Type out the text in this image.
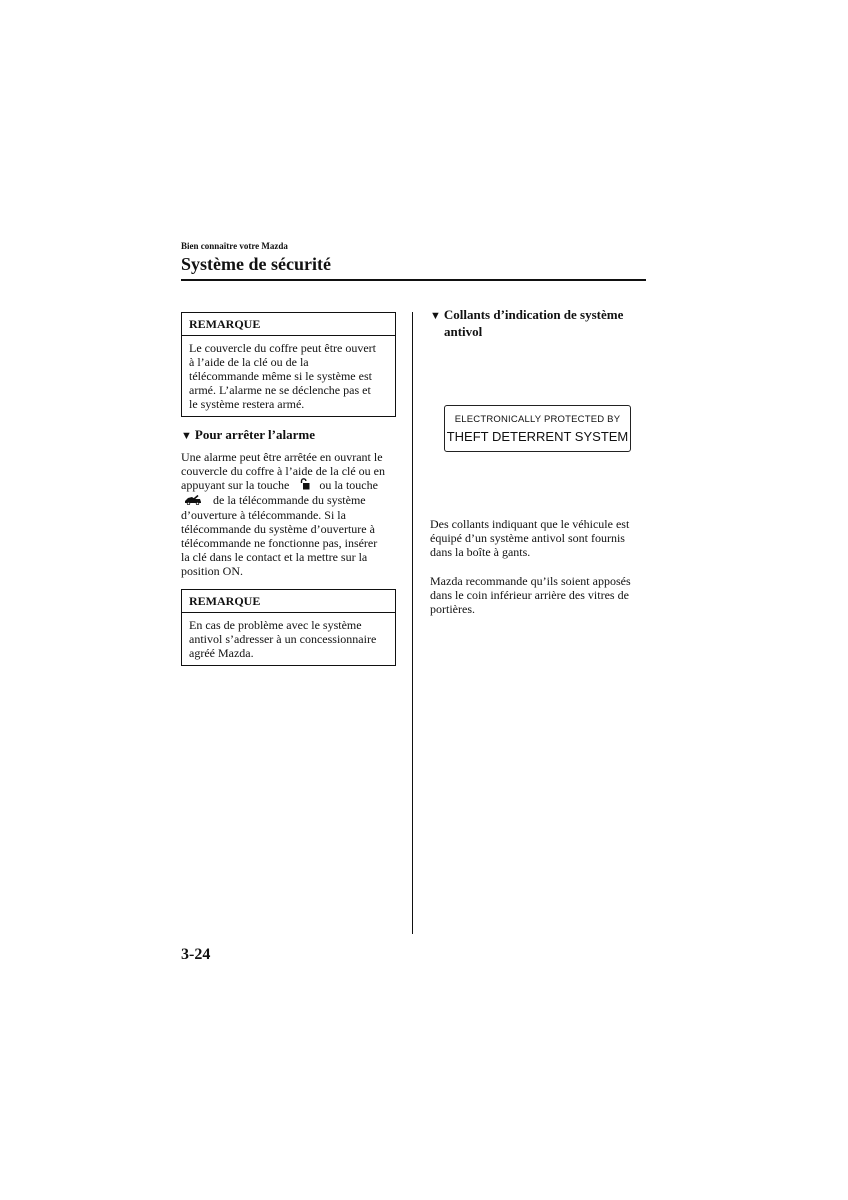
Bien connaître votre Mazda
Système de sécurité
REMARQUE
Le couvercle du coffre peut être ouvert
à l’aide de la clé ou de la
télécommande même si le système est
armé. L’alarme ne se déclenche pas et
le système restera armé.
▼ Pour arrêter l’alarme
Une alarme peut être arrêtée en ouvrant le
couvercle du coffre à l’aide de la clé ou en
appuyant sur la touche	ou la touche
de la télécommande du système
d’ouverture à télécommande. Si la
télécommande du système d’ouverture à
télécommande ne fonctionne pas, insérer
la clé dans le contact et la mettre sur la
position ON.
REMARQUE
En cas de problème avec le système
antivol s’adresser à un concessionnaire
agréé Mazda.
▼ Collants d’indication de système
antivol
ELECTRONICALLY PROTECTED BY
THEFT DETERRENT SYSTEM
Des collants indiquant que le véhicule est
équipé d’un système antivol sont fournis
dans la boîte à gants.
Mazda recommande qu’ils soient apposés
dans le coin inférieur arrière des vitres de
portières.
3-24
